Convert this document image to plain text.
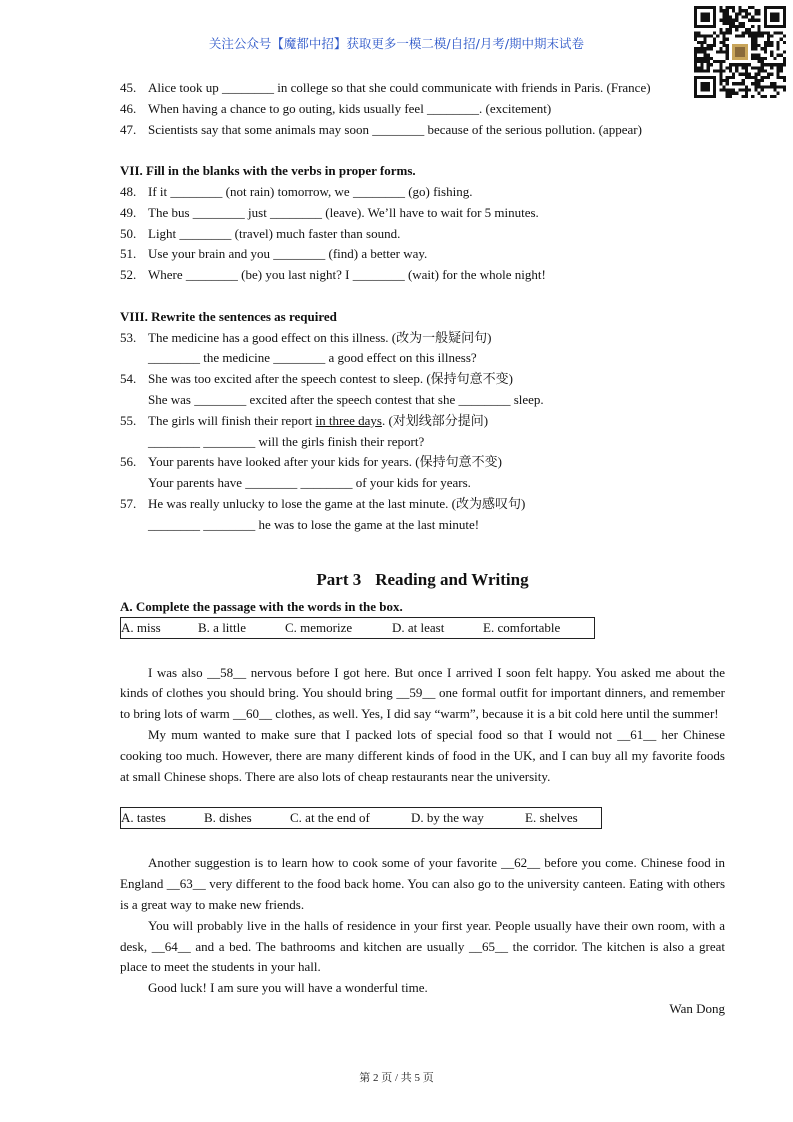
关注公众号【魔都中招】获取更多一模二模/自招/月考/期中期末试卷
45. Alice took up ________ in college so that she could communicate with friends in Paris. (France)
46. When having a chance to go outing, kids usually feel ________. (excitement)
47. Scientists say that some animals may soon ________ because of the serious pollution. (appear)
VII. Fill in the blanks with the verbs in proper forms.
48. If it ________ (not rain) tomorrow, we ________ (go) fishing.
49. The bus ________ just ________ (leave). We’ll have to wait for 5 minutes.
50. Light ________ (travel) much faster than sound.
51. Use your brain and you ________ (find) a better way.
52. Where ________ (be) you last night? I ________ (wait) for the whole night!
VIII. Rewrite the sentences as required
53. The medicine has a good effect on this illness. (改为一般疑问句)
________ the medicine ________ a good effect on this illness?
54. She was too excited after the speech contest to sleep. (保持句意不变)
She was ________ excited after the speech contest that she ________ sleep.
55. The girls will finish their report in three days. (对划线部分提问)
________ ________ will the girls finish their report?
56. Your parents have looked after your kids for years. (保持句意不变)
Your parents have ________ ________ of your kids for years.
57. He was really unlucky to lose the game at the last minute. (改为感叹句)
________ ________ he was to lose the game at the last minute!
Part 3 Reading and Writing
A. Complete the passage with the words in the box.
A. miss	B. a little	C. memorize	D. at least	E. comfortable

I was also __58__ nervous before I got here. But once I arrived I soon felt happy. You asked me about the kinds of clothes you should bring. You should bring __59__ one formal outfit for important dinners, and remember to bring lots of warm __60__ clothes, as well. Yes, I did say “warm”, because it is a bit cold here until the summer!

My mum wanted to make sure that I packed lots of special food so that I would not __61__ her Chinese cooking too much. However, there are many different kinds of food in the UK, and I can buy all my favorite foods at small Chinese shops. There are also lots of cheap restaurants near the university.

A. tastes	B. dishes	C. at the end of	D. by the way	E. shelves

Another suggestion is to learn how to cook some of your favorite __62__ before you come. Chinese food in England __63__ very different to the food back home. You can also go to the university canteen. Eating with others is a great way to make new friends.

You will probably live in the halls of residence in your first year. People usually have their own room, with a desk, __64__ and a bed. The bathrooms and kitchen are usually __65__ the corridor. The kitchen is also a great place to meet the students in your hall.

Good luck! I am sure you will have a wonderful time.

Wan Dong
第 2 页 / 共 5 页
